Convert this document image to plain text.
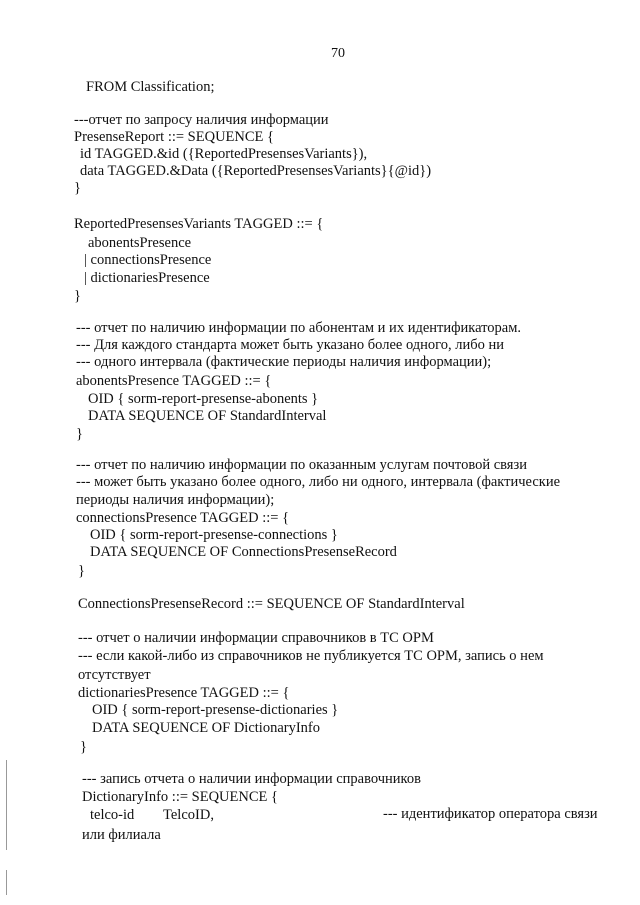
70
FROM Classification;
---отчет по запросу наличия информации
PresenseReport ::= SEQUENCE {
id TAGGED.&id ({ReportedPresensesVariants}),
data TAGGED.&Data ({ReportedPresensesVariants}{@id})
}
ReportedPresensesVariants TAGGED ::= {
abonentsPresence
| connectionsPresence
| dictionariesPresence
}
--- отчет по наличию информации по абонентам и их идентификаторам.
--- Для каждого стандарта может быть указано более одного, либо ни
--- одного интервала (фактические периоды наличия информации);
abonentsPresence TAGGED ::= {
OID { sorm-report-presense-abonents }
DATA SEQUENCE OF StandardInterval
}
--- отчет по наличию информации по оказанным услугам почтовой связи
--- может быть указано более одного, либо ни одного, интервала (фактические
периоды наличия информации);
connectionsPresence TAGGED ::= {
OID { sorm-report-presense-connections }
DATA SEQUENCE OF ConnectionsPresenseRecord
}
ConnectionsPresenseRecord ::= SEQUENCE OF StandardInterval
--- отчет о наличии информации справочников в ТС ОРМ
--- если какой-либо из справочников не публикуется ТС ОРМ, запись о нем
отсутствует
dictionariesPresence TAGGED ::= {
OID { sorm-report-presense-dictionaries }
DATA SEQUENCE OF DictionaryInfo
}
--- запись отчета о наличии информации справочников
DictionaryInfo ::= SEQUENCE {
telco-id        TelcoID,
или филиала
--- идентификатор оператора связи
